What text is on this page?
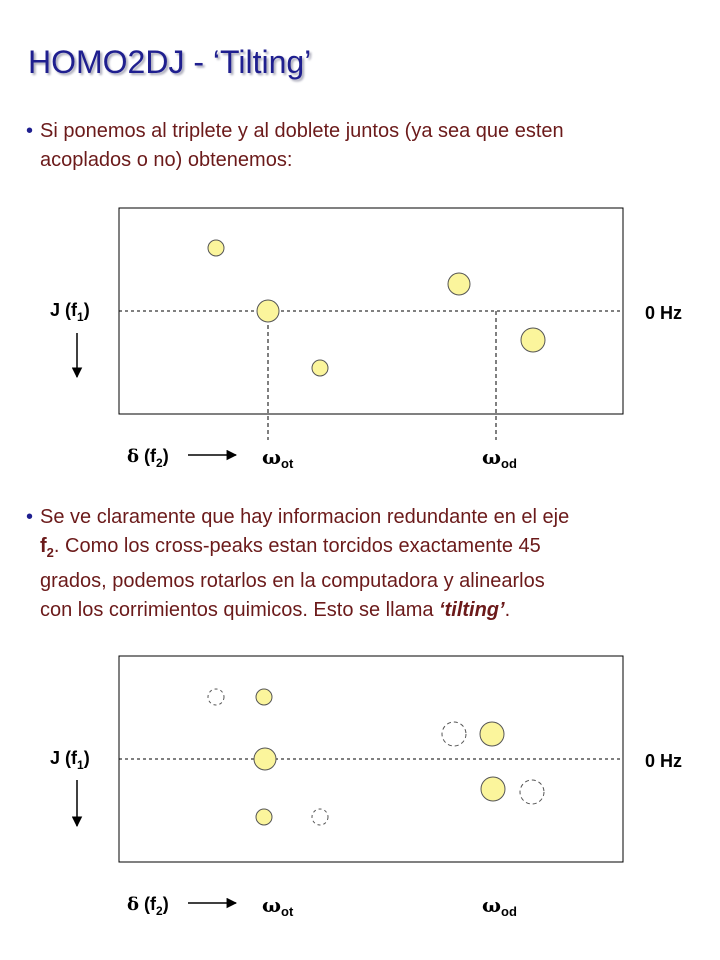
HOMO2DJ - ‘Tilting’
• Si ponemos al triplete y al doblete juntos (ya sea que esten
acoplados o no) obtenemos:
• Se ve claramente que hay informacion redundante en el eje
$f_2$. Como los cross-peaks estan torcidos exactamente 45
grados, podemos rotarlos en la computadora y alinearlos
con los corrimientos quimicos. Esto se llama ‘tilting’.
J $(f_1)$	0 Hz
δ $(f_2)$	$\omega_{ot}$	$\omega_{od}$
J $(f_1)$	0 Hz
δ $(f_2)$	$\omega_{ot}$	$\omega_{od}$
